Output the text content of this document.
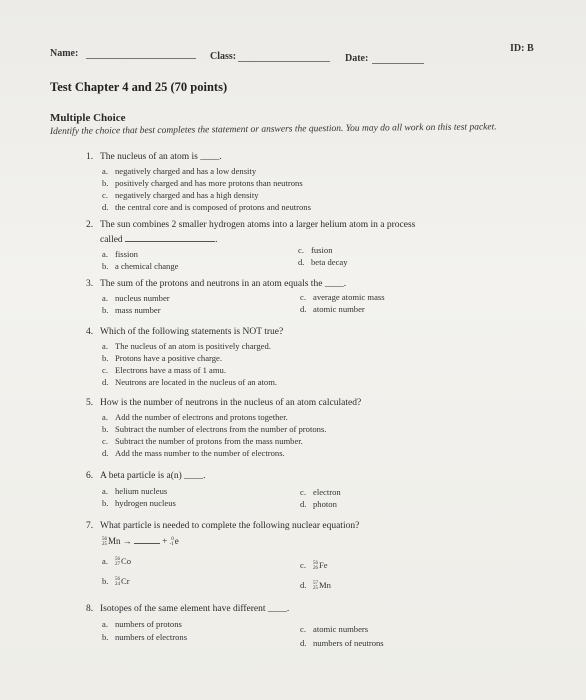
Name:	Class:	Date:
ID: B
Test Chapter 4 and 25 (70 points)
Multiple Choice
Identify the choice that best completes the statement or answers the question. You may do all work on this test packet.
1. The nucleus of an atom is ____.
a. negatively charged and has a low density
b. positively charged and has more protons than neutrons
c. negatively charged and has a high density
d. the central core and is composed of protons and neutrons
2. The sun combines 2 smaller hydrogen atoms into a larger helium atom in a process
called	.
a. fission
b. a chemical change
c. fusion
d. beta decay
3. The sum of the protons and neutrons in an atom equals the ____.
a. nucleus number
b. mass number
c. average atomic mass
d. atomic number
4. Which of the following statements is NOT true?
a. The nucleus of an atom is positively charged.
b. Protons have a positive charge.
c. Electrons have a mass of 1 amu.
d. Neutrons are located in the nucleus of an atom.
5. How is the number of neutrons in the nucleus of an atom calculated?
a. Add the number of electrons and protons together.
b. Subtract the number of electrons from the number of protons.
c. Subtract the number of protons from the mass number.
d. Add the mass number to the number of electrons.
6. A beta particle is a(n) ____.
a. helium nucleus
b. hydrogen nucleus
c. electron
d. photon
7. What particle is needed to complete the following nuclear equation?
56
25 Mn →	+ 0
-1 e
a. 56
27 Co
b. 56
24 Cr
c. 56
26 Fe
d. 57
25 Mn
8. Isotopes of the same element have different ____.
a. numbers of protons
b. numbers of electrons
c. atomic numbers
d. numbers of neutrons
